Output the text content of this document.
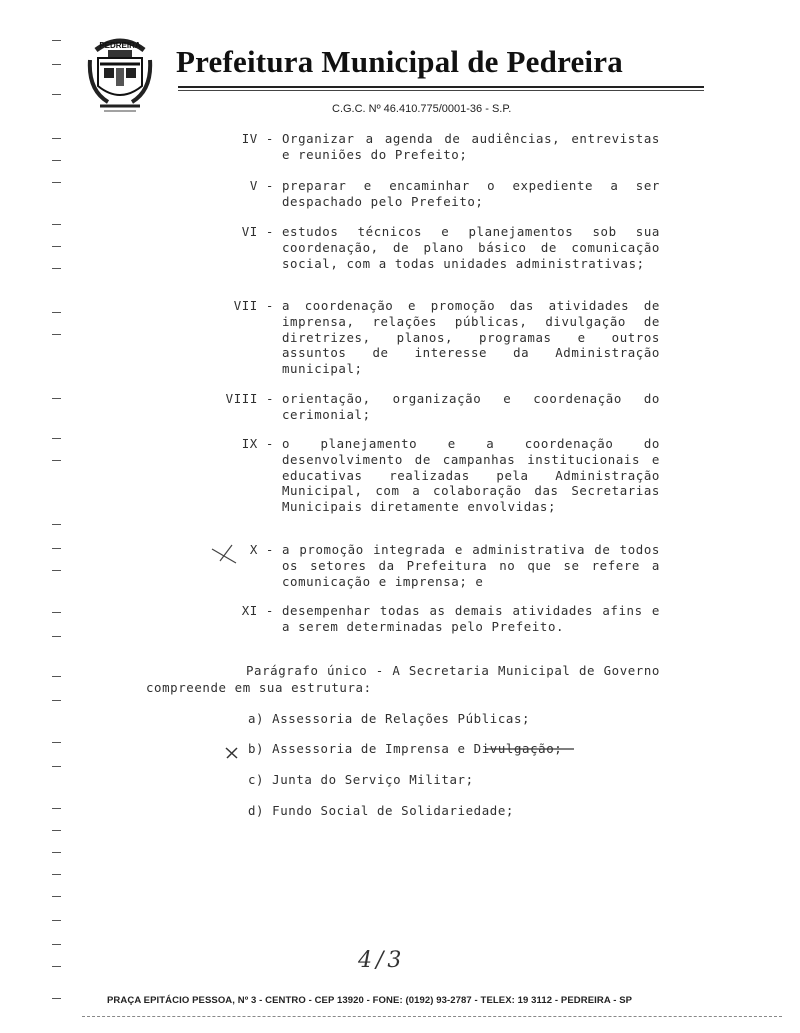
PEDREIRA Prefeitura Municipal de Pedreira
C.G.C. Nº 46.410.775/0001-36 - S.P.
IV - Organizar a agenda de audiências, entrevistas e reuniões do Prefeito;
V - preparar e encaminhar o expediente a ser despachado pelo Prefeito;
VI - estudos técnicos e planejamentos sob sua coordenação, de plano básico de comunicação social, com a todas unidades administrativas;
VII - a coordenação e promoção das atividades de imprensa, relações públicas, divulgação de diretrizes, planos, programas e outros assuntos de interesse da Administração municipal;
VIII - orientação, organização e coordenação do cerimonial;
IX - o planejamento e a coordenação do desenvolvimento de campanhas institucionais e educativas realizadas pela Administração Municipal, com a colaboração das Secretarias Municipais diretamente envolvidas;
X - a promoção integrada e administrativa de todos os setores da Prefeitura no que se refere a comunicação e imprensa; e
XI - desempenhar todas as demais atividades afins e a serem determinadas pelo Prefeito.
Parágrafo único - A Secretaria Municipal de Governo compreende em sua estrutura:
a) Assessoria de Relações Públicas;
b) Assessoria de Imprensa e Divulgação;
c) Junta do Serviço Militar;
d) Fundo Social de Solidariedade;
4/3
PRAÇA EPITÁCIO PESSOA, Nº 3 - CENTRO - CEP 13920 - FONE: (0192) 93-2787 - TELEX: 19 3112 - PEDREIRA - SP
